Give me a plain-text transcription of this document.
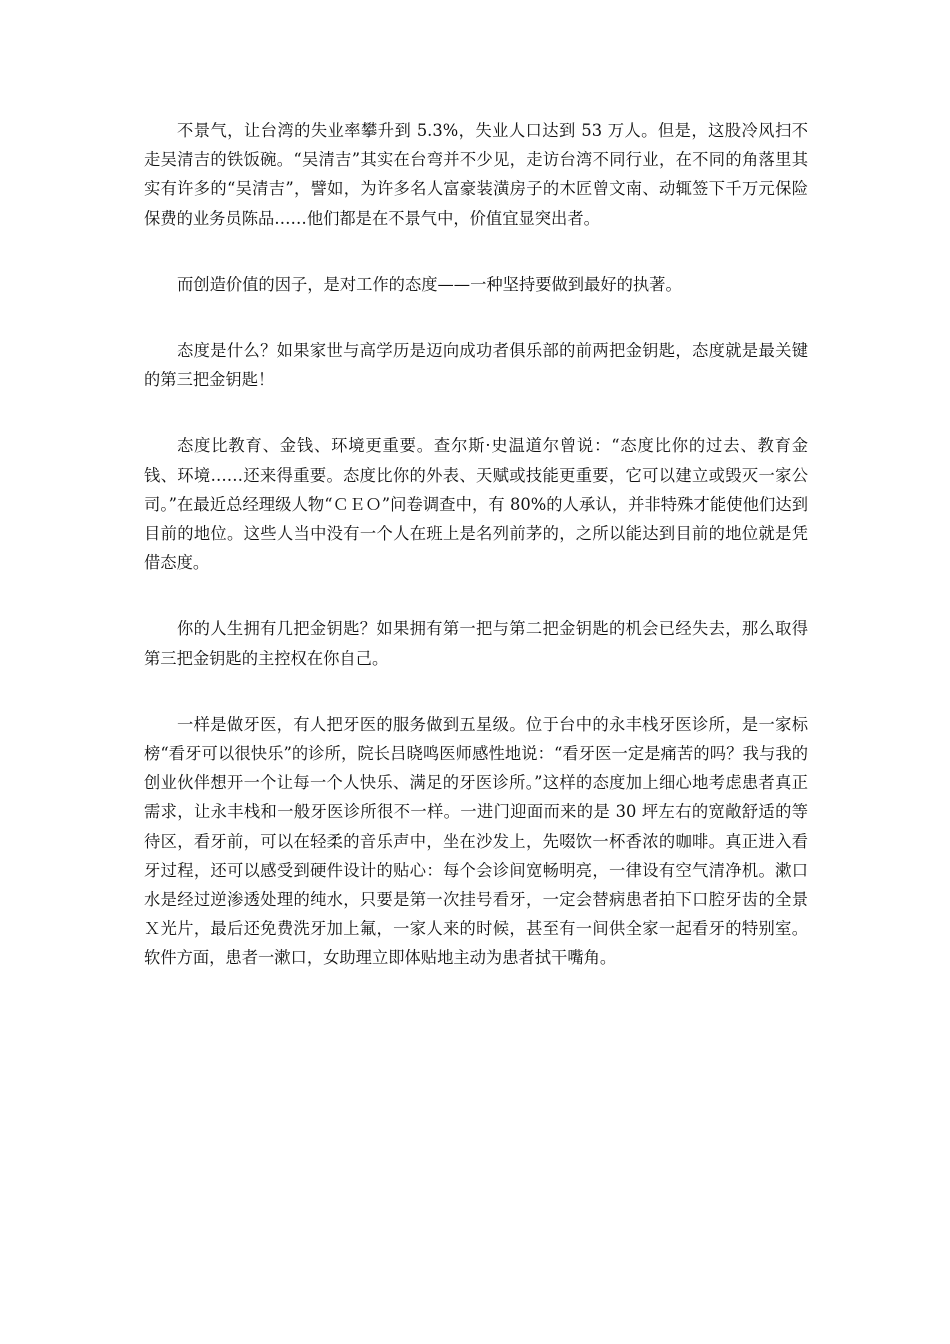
不景气，让台湾的失业率攀升到 5.3%，失业人口达到 53 万人。但是，这股冷风扫不走吴清吉的铁饭碗。“吴清吉”其实在台弯并不少见，走访台湾不同行业，在不同的角落里其实有许多的“吴清吉”，譬如，为许多名人富豪装潢房子的木匠曾文南、动辄签下千万元保险保费的业务员陈品……他们都是在不景气中，价值宜显突出者。

而创造价值的因子，是对工作的态度——一种坚持要做到最好的执著。

态度是什么？如果家世与高学历是迈向成功者俱乐部的前两把金钥匙，态度就是最关键的第三把金钥匙！

态度比教育、金钱、环境更重要。查尔斯·史温道尔曾说：“态度比你的过去、教育金钱、环境……还来得重要。态度比你的外表、天赋或技能更重要，它可以建立或毁灭一家公司。”在最近总经理级人物“ＣＥＯ”问卷调查中，有 80%的人承认，并非特殊才能使他们达到目前的地位。这些人当中没有一个人在班上是名列前茅的，之所以能达到目前的地位就是凭借态度。

你的人生拥有几把金钥匙？如果拥有第一把与第二把金钥匙的机会已经失去，那么取得第三把金钥匙的主控权在你自己。

一样是做牙医，有人把牙医的服务做到五星级。位于台中的永丰栈牙医诊所，是一家标榜“看牙可以很快乐”的诊所，院长吕晓鸣医师感性地说：“看牙医一定是痛苦的吗？我与我的创业伙伴想开一个让每一个人快乐、满足的牙医诊所。”这样的态度加上细心地考虑患者真正需求，让永丰栈和一般牙医诊所很不一样。一进门迎面而来的是 30 坪左右的宽敞舒适的等待区，看牙前，可以在轻柔的音乐声中，坐在沙发上，先啜饮一杯香浓的咖啡。真正进入看牙过程，还可以感受到硬件设计的贴心：每个会诊间宽畅明亮，一律设有空气清净机。漱口水是经过逆渗透处理的纯水，只要是第一次挂号看牙，一定会替病患者拍下口腔牙齿的全景Ｘ光片，最后还免费洗牙加上氟，一家人来的时候，甚至有一间供全家一起看牙的特别室。软件方面，患者一漱口，女助理立即体贴地主动为患者拭干嘴角。
